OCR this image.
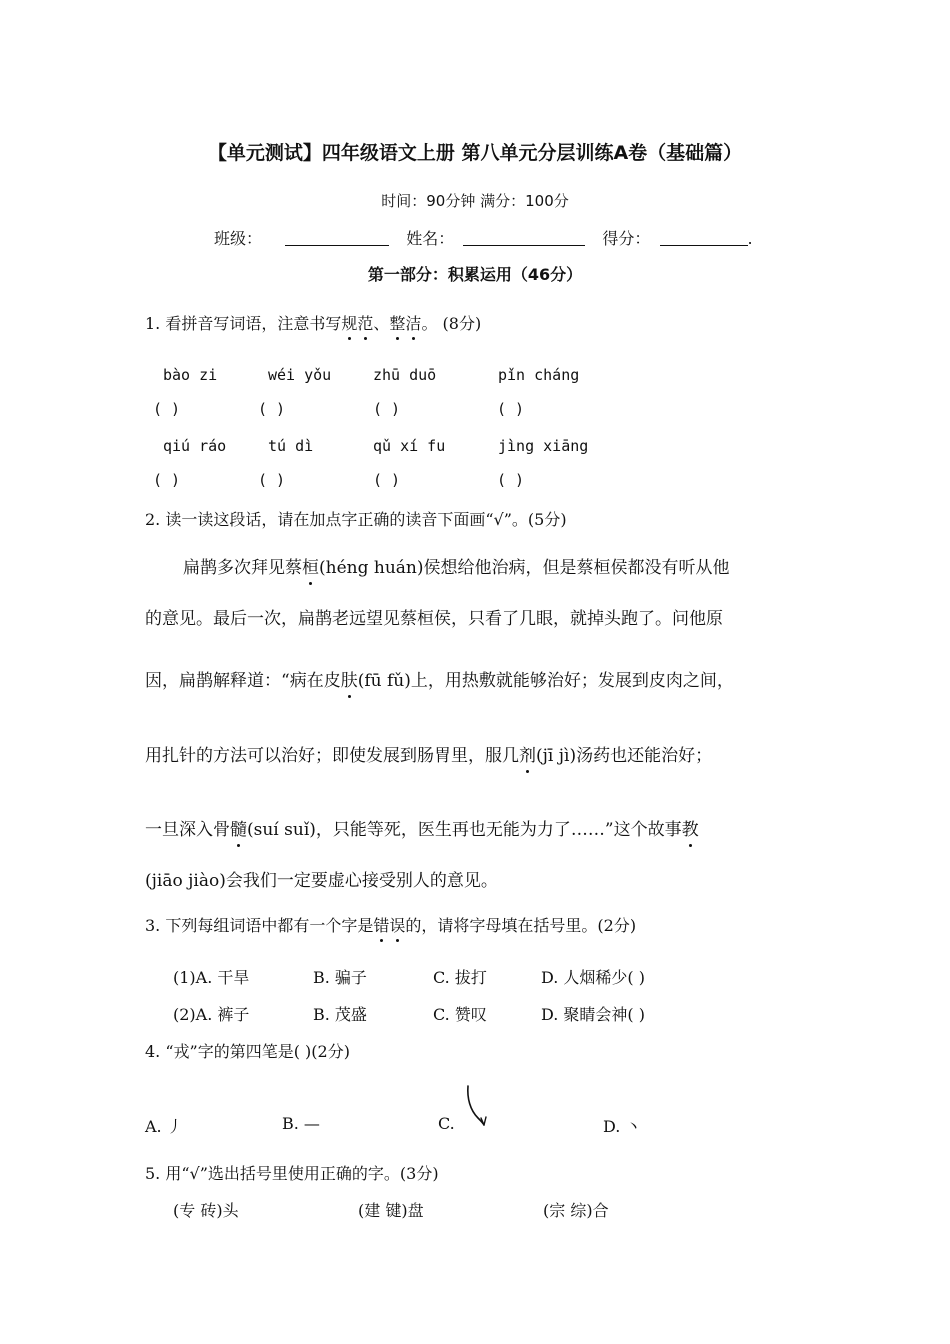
【单元测试】四年级语文上册 第八单元分层训练A卷（基础篇）
时间：90分钟 满分：100分
班级：	姓名：	得分：	.
第一部分：积累运用（46分）
1. 看拼音写词语，注意书写规范、整洁。 (8分)
bào zi	wéi yǒu	zhū duō	pǐn cháng
( )	( )	( )	( )
qiú ráo	tú dì	qǔ xí fu	jìng xiāng
( )	( )	( )	( )
2. 读一读这段话，请在加点字正确的读音下面画“√”。(5分)
扁鹊多次拜见蔡桓(héng huán)侯想给他治病，但是蔡桓侯都没有听从他
的意见。最后一次，扁鹊老远望见蔡桓侯，只看了几眼，就掉头跑了。问他原
因，扁鹊解释道：“病在皮肤(fū fǔ)上，用热敷就能够治好；发展到皮肉之间，
用扎针的方法可以治好；即使发展到肠胃里，服几剂(jī jì)汤药也还能治好；
一旦深入骨髓(suí suǐ)，只能等死，医生再也无能为力了……”这个故事教
(jiāo jiào)会我们一定要虚心接受别人的意见。
3. 下列每组词语中都有一个字是错误的，请将字母填在括号里。(2分)
(1)A. 干旱	B. 骗子	C. 拔打	D. 人烟稀少( )
(2)A. 裤子	B. 茂盛	C. 赞叹	D. 聚睛会神( )
4. “戎”字的第四笔是( )(2分)
A. 丿	B. —	C.	D. 丶
5. 用“√”选出括号里使用正确的字。(3分)
(专 砖)头	(建 键)盘	(宗 综)合
